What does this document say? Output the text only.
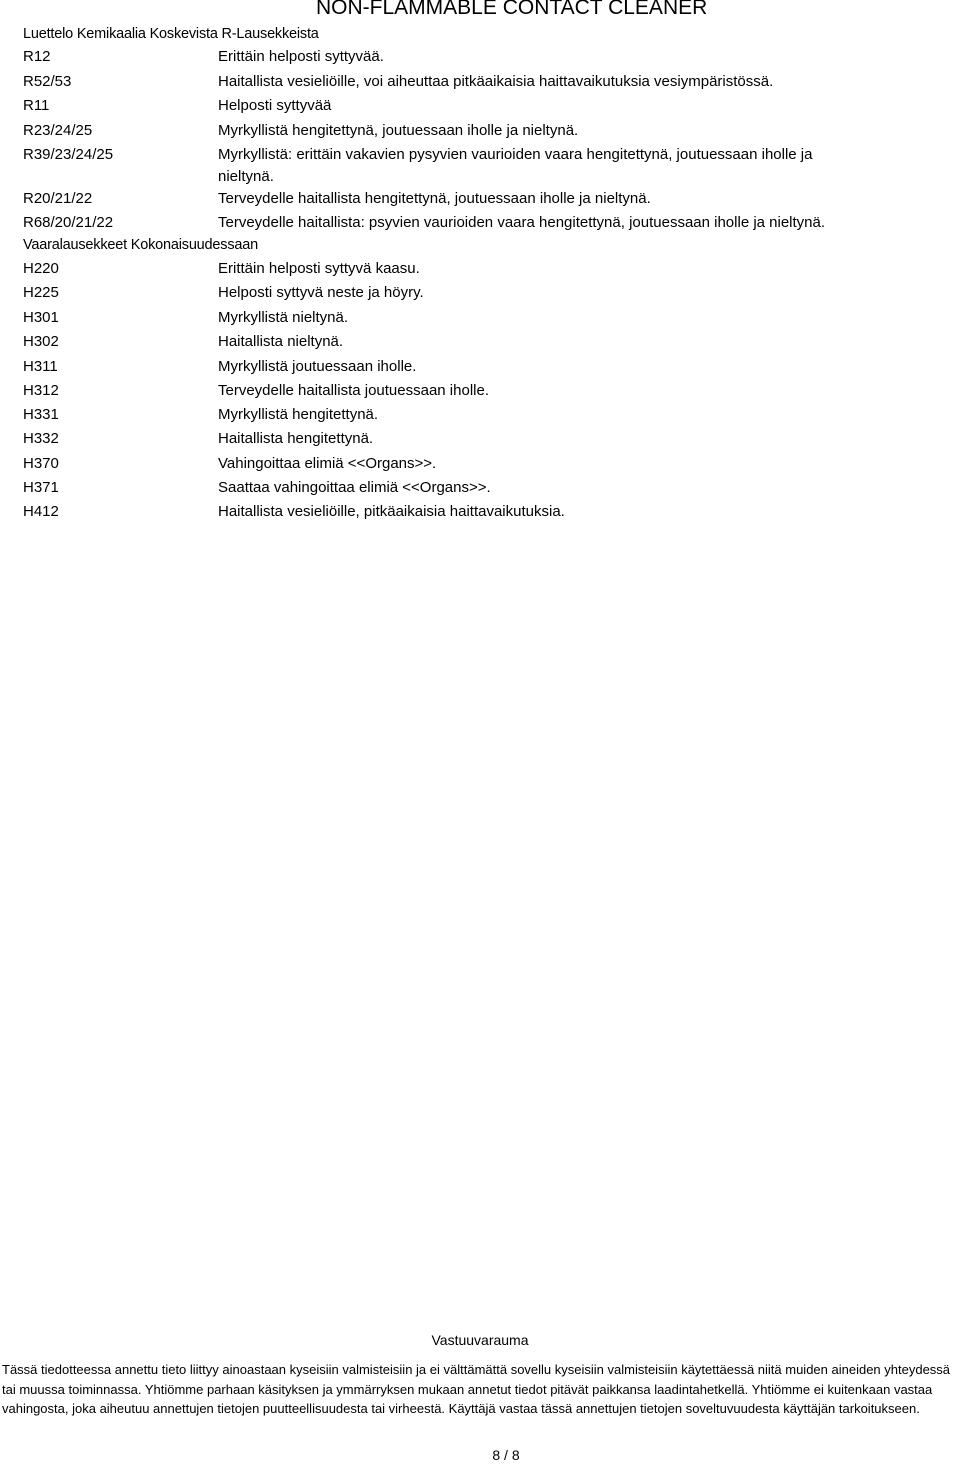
NON-FLAMMABLE CONTACT CLEANER
Luettelo Kemikaalia Koskevista R-Lausekkeista
R12	Erittäin helposti syttyvää.
R52/53	Haitallista vesieliöille, voi aiheuttaa pitkäaikaisia haittavaikutuksia vesiympäristössä.
R11	Helposti syttyvää
R23/24/25	Myrkyllistä hengitettynä, joutuessaan iholle ja nieltynä.
R39/23/24/25	Myrkyllistä: erittäin vakavien pysyvien vaurioiden vaara hengitettynä, joutuessaan iholle ja nieltynä.
R20/21/22	Terveydelle haitallista hengitettynä, joutuessaan iholle ja nieltynä.
R68/20/21/22	Terveydelle haitallista: psyvien vaurioiden vaara hengitettynä, joutuessaan iholle ja nieltynä.
Vaaralausekkeet Kokonaisuudessaan
H220	Erittäin helposti syttyvä kaasu.
H225	Helposti syttyvä neste ja höyry.
H301	Myrkyllistä nieltynä.
H302	Haitallista nieltynä.
H311	Myrkyllistä joutuessaan iholle.
H312	Terveydelle haitallista joutuessaan iholle.
H331	Myrkyllistä hengitettynä.
H332	Haitallista hengitettynä.
H370	Vahingoittaa elimiä <<Organs>>.
H371	Saattaa vahingoittaa elimiä <<Organs>>.
H412	Haitallista vesieliöille, pitkäaikaisia haittavaikutuksia.
Vastuuvarauma
Tässä tiedotteessa annettu tieto liittyy ainoastaan kyseisiin valmisteisiin ja ei välttämättä sovellu kyseisiin valmisteisiin käytettäessä niitä muiden aineiden yhteydessä tai muussa toiminnassa. Yhtiömme parhaan käsityksen ja ymmärryksen mukaan annetut tiedot pitävät paikkansa laadintahetkellä. Yhtiömme ei kuitenkaan vastaa vahingosta, joka aiheutuu annettujen tietojen puutteellisuudesta tai virheestä. Käyttäjä vastaa tässä annettujen tietojen soveltuvuudesta käyttäjän tarkoitukseen.
8 / 8
